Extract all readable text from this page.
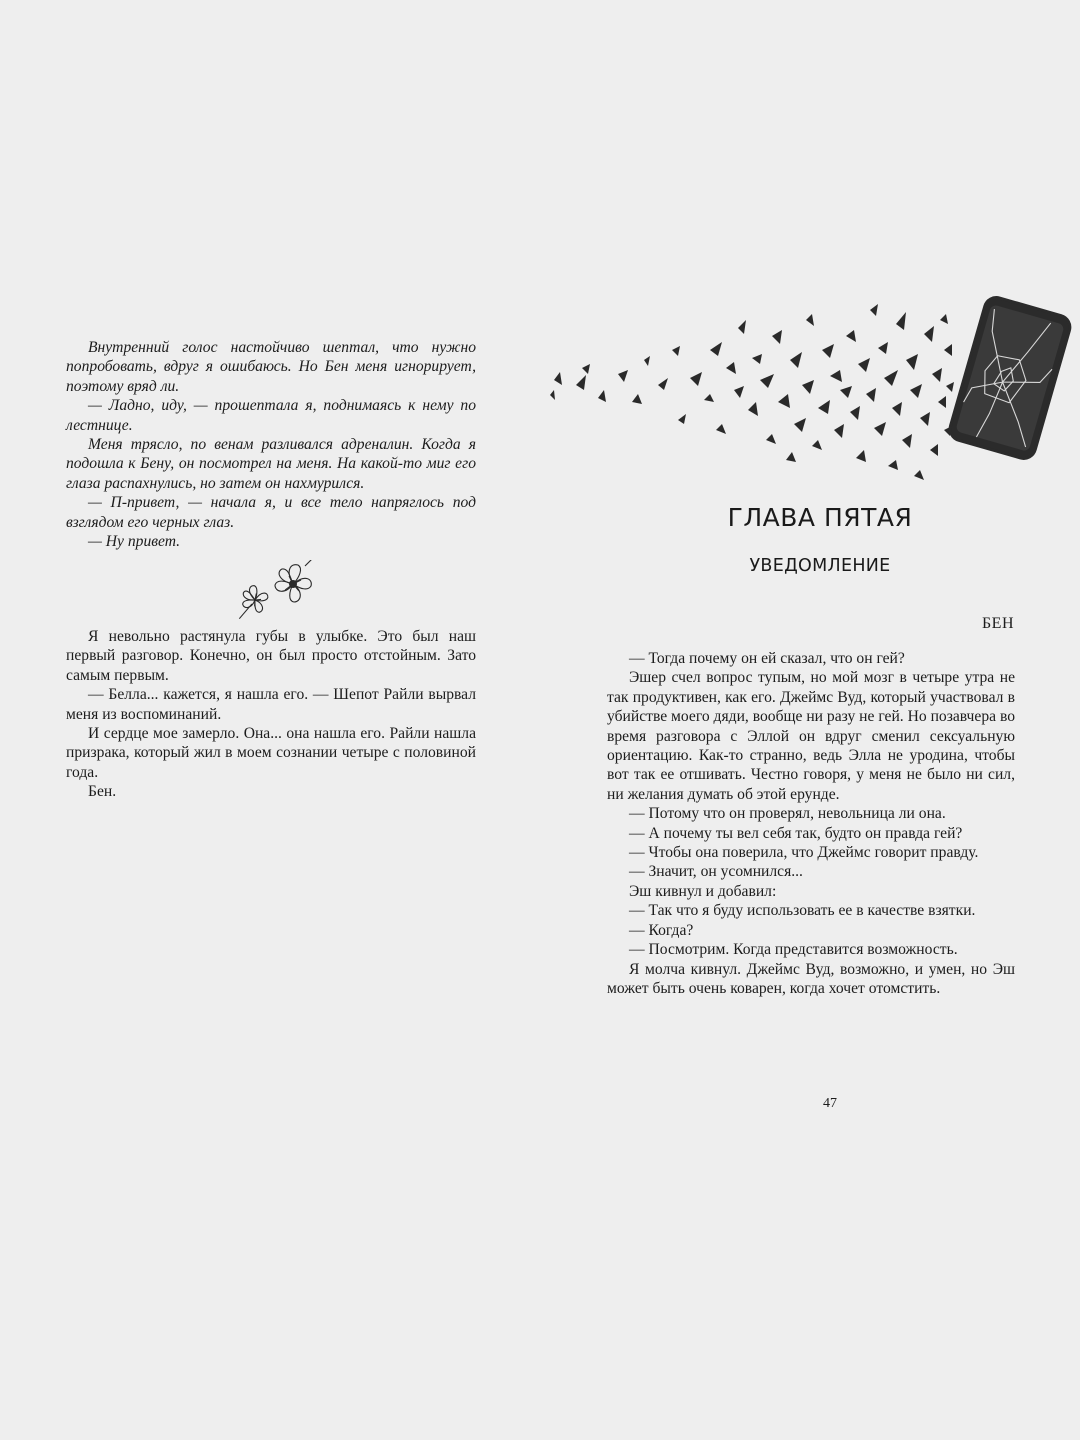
Внутренний голос настойчиво шептал, что нужно попробовать, вдруг я ошибаюсь. Но Бен меня игнорирует, поэтому вряд ли.

— Ладно, иду, — прошептала я, поднимаясь к нему по лестнице.

Меня трясло, по венам разливался адреналин. Когда я подошла к Бену, он посмотрел на меня. На какой-то миг его глаза распахнулись, но затем он нахмурился.

— П-привет, — начала я, и все тело напряглось под взглядом его черных глаз.

— Ну привет.

Я невольно растянула губы в улыбке. Это был наш первый разговор. Конечно, он был просто отстойным. Зато самым первым.

— Белла... кажется, я нашла его. — Шепот Райли вырвал меня из воспоминаний.

И сердце мое замерло. Она... она нашла его. Райли нашла призрака, который жил в моем сознании четыре с половиной года.

Бен.

ГЛАВА ПЯТАЯ
УВЕДОМЛЕНИЕ
БЕН

— Тогда почему он ей сказал, что он гей?

Эшер счел вопрос тупым, но мой мозг в четыре утра не так продуктивен, как его. Джеймс Вуд, который участвовал в убийстве моего дяди, вообще ни разу не гей. Но позавчера во время разговора с Эллой он вдруг сменил сексуальную ориентацию. Как-то странно, ведь Элла не уродина, чтобы вот так ее отшивать. Честно говоря, у меня не было ни сил, ни желания думать об этой ерунде.

— Потому что он проверял, невольница ли она.

— А почему ты вел себя так, будто он правда гей?

— Чтобы она поверила, что Джеймс говорит правду.

— Значит, он усомнился...

Эш кивнул и добавил:

— Так что я буду использовать ее в качестве взятки.

— Когда?

— Посмотрим. Когда представится возможность.

Я молча кивнул. Джеймс Вуд, возможно, и умен, но Эш может быть очень коварен, когда хочет отомстить.

47
